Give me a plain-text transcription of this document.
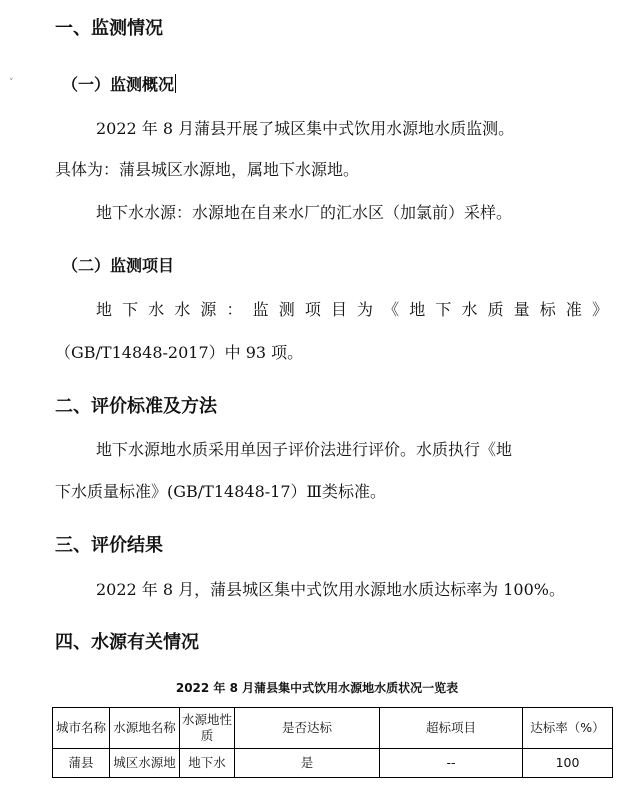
˅
一、监测情况
（一）监测概况
2022 年 8 月蒲县开展了城区集中式饮用水源地水质监测。
具体为：蒲县城区水源地，属地下水源地。
地下水水源：水源地在自来水厂的汇水区（加氯前）采样。
（二）监测项目
地下水水源：监测项目为《地下水质量标准》
（GB/T14848-2017）中 93 项。
二、评价标准及方法
地下水源地水质采用单因子评价法进行评价。水质执行《地
下水质量标准》(GB/T14848-17）Ⅲ类标准。
三、评价结果
2022 年 8 月，蒲县城区集中式饮用水源地水质达标率为 100%。
四、水源有关情况
2022 年 8 月蒲县集中式饮用水源地水质状况一览表
城市名称	水源地名称	水源地性质	是否达标	超标项目	达标率（%）
蒲县	城区水源地	地下水	是	--	100
